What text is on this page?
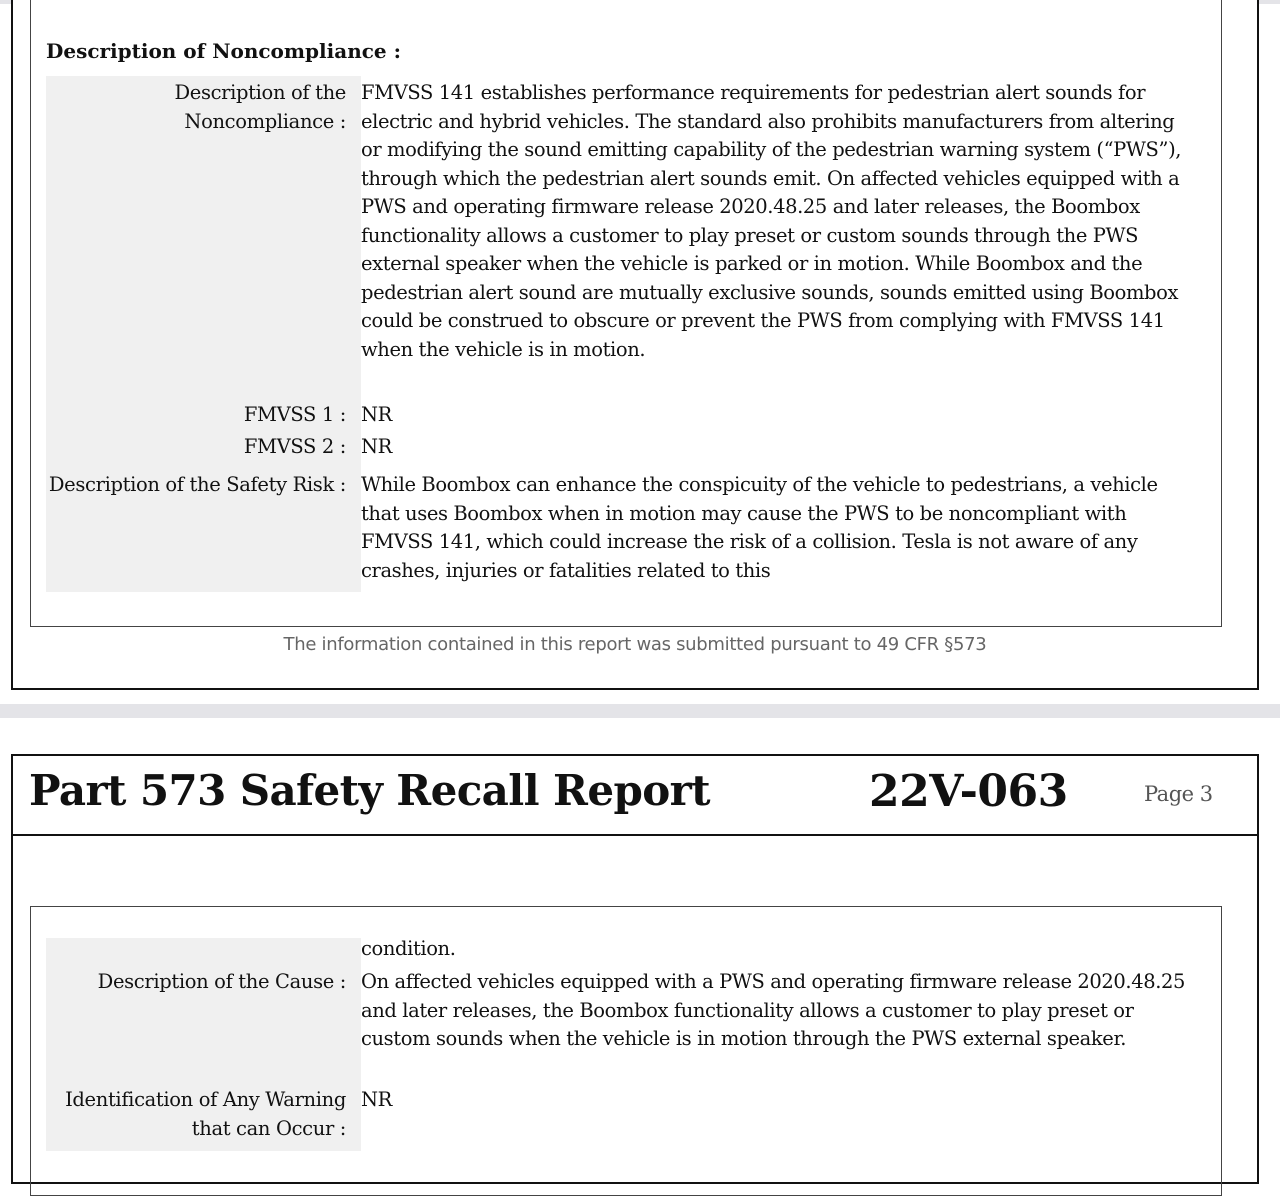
Description of Noncompliance :
Description of the Noncompliance :
FMVSS 141 establishes performance requirements for pedestrian alert sounds for electric and hybrid vehicles. The standard also prohibits manufacturers from altering or modifying the sound emitting capability of the pedestrian warning system (“PWS”), through which the pedestrian alert sounds emit. On affected vehicles equipped with a PWS and operating firmware release 2020.48.25 and later releases, the Boombox functionality allows a customer to play preset or custom sounds through the PWS external speaker when the vehicle is parked or in motion. While Boombox and the pedestrian alert sound are mutually exclusive sounds, sounds emitted using Boombox could be construed to obscure or prevent the PWS from complying with FMVSS 141 when the vehicle is in motion.
FMVSS 1 : NR
FMVSS 2 : NR
Description of the Safety Risk : While Boombox can enhance the conspicuity of the vehicle to pedestrians, a vehicle that uses Boombox when in motion may cause the PWS to be noncompliant with FMVSS 141, which could increase the risk of a collision. Tesla is not aware of any crashes, injuries or fatalities related to this
The information contained in this report was submitted pursuant to 49 CFR §573
Part 573 Safety Recall Report	22V-063	Page 3
condition.
Description of the Cause : On affected vehicles equipped with a PWS and operating firmware release 2020.48.25 and later releases, the Boombox functionality allows a customer to play preset or custom sounds when the vehicle is in motion through the PWS external speaker.
Identification of Any Warning that can Occur :
NR
